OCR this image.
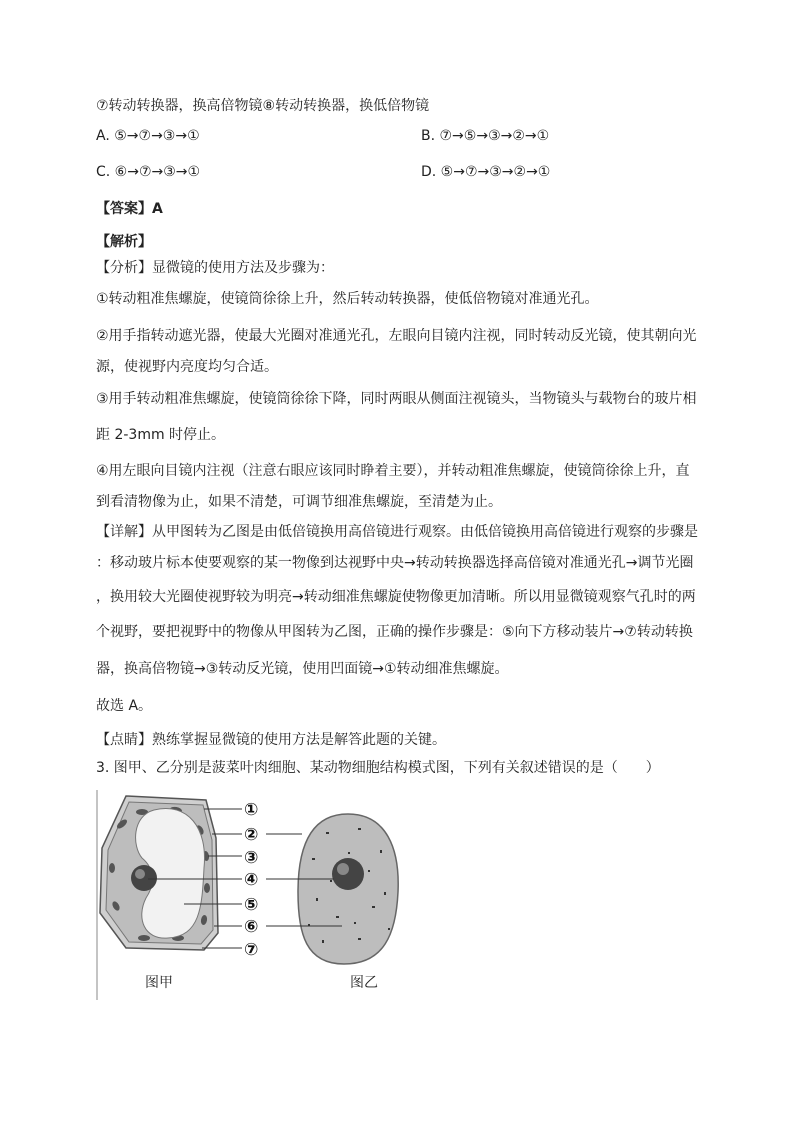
⑦转动转换器，换高倍物镜⑧转动转换器，换低倍物镜
A. ⑤→⑦→③→①	B. ⑦→⑤→③→②→①
C. ⑥→⑦→③→①	D. ⑤→⑦→③→②→①
【答案】A
【解析】
【分析】显微镜的使用方法及步骤为：
①转动粗准焦螺旋，使镜筒徐徐上升，然后转动转换器，使低倍物镜对准通光孔。
②用手指转动遮光器，使最大光圈对准通光孔，左眼向目镜内注视，同时转动反光镜，使其朝向光
源，使视野内亮度均匀合适。
③用手转动粗准焦螺旋，使镜筒徐徐下降，同时两眼从侧面注视镜头，当物镜头与载物台的玻片相
距 2-3mm 时停止。
④用左眼向目镜内注视（注意右眼应该同时睁着主要），并转动粗准焦螺旋，使镜筒徐徐上升，直
到看清物像为止，如果不清楚，可调节细准焦螺旋，至清楚为止。
【详解】从甲图转为乙图是由低倍镜换用高倍镜进行观察。由低倍镜换用高倍镜进行观察的步骤是
：移动玻片标本使要观察的某一物像到达视野中央→转动转换器选择高倍镜对准通光孔→调节光圈
，换用较大光圈使视野较为明亮→转动细准焦螺旋使物像更加清晰。所以用显微镜观察气孔时的两
个视野，要把视野中的物像从甲图转为乙图，正确的操作步骤是：⑤向下方移动装片→⑦转动转换
器，换高倍物镜→③转动反光镜，使用凹面镜→①转动细准焦螺旋。
故选 A。
【点睛】熟练掌握显微镜的使用方法是解答此题的关键。
3. 图甲、乙分别是菠菜叶肉细胞、某动物细胞结构模式图，下列有关叙述错误的是（　　）
①
②
③
④
⑤
⑥
⑦
图甲	图乙
